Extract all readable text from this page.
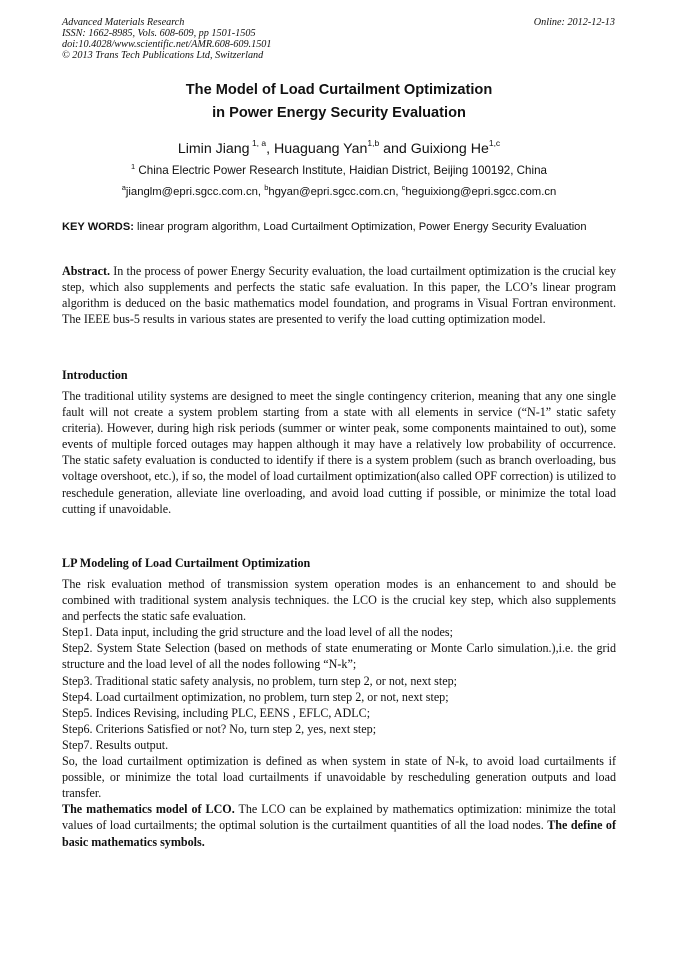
Advanced Materials Research
ISSN: 1662-8985, Vols. 608-609, pp 1501-1505
doi:10.4028/www.scientific.net/AMR.608-609.1501
© 2013 Trans Tech Publications Ltd, Switzerland
Online: 2012-12-13
The Model of Load Curtailment Optimization
in Power Energy Security Evaluation
Limin Jiang $^{1, a}$, Huaguang Yan$^{1,b}$ and Guixiong He$^{1,c}$
$^1$ China Electric Power Research Institute, Haidian District, Beijing 100192, China
$^a$jianglm@epri.sgcc.com.cn, $^b$hgyan@epri.sgcc.com.cn, $^c$heguixiong@epri.sgcc.com.cn
KEY WORDS: linear program algorithm, Load Curtailment Optimization, Power Energy Security Evaluation
Abstract. In the process of power Energy Security evaluation, the load curtailment optimization is the crucial key step, which also supplements and perfects the static safe evaluation. In this paper, the LCO’s linear program algorithm is deduced on the basic mathematics model foundation, and programs in Visual Fortran environment. The IEEE bus-5 results in various states are presented to verify the load cutting optimization model.
Introduction
The traditional utility systems are designed to meet the single contingency criterion, meaning that any one single fault will not create a system problem starting from a state with all elements in service (“N-1” static safety criteria). However, during high risk periods (summer or winter peak, some components maintained to out), some events of multiple forced outages may happen although it may have a relatively low probability of occurrence. The static safety evaluation is conducted to identify if there is a system problem (such as branch overloading, bus voltage overshoot, etc.), if so, the model of load curtailment optimization(also called OPF correction) is utilized to reschedule generation, alleviate line overloading, and avoid load cutting if possible, or minimize the total load cutting if unavoidable.
LP Modeling of Load Curtailment Optimization

The risk evaluation method of transmission system operation modes is an enhancement to and should be combined with traditional system analysis techniques. the LCO is the crucial key step, which also supplements and perfects the static safe evaluation.

Step1. Data input, including the grid structure and the load level of all the nodes;
Step2. System State Selection (based on methods of state enumerating or Monte Carlo simulation.),i.e. the grid structure and the load level of all the nodes following “N-k”;
Step3. Traditional static safety analysis, no problem, turn step 2, or not, next step;
Step4. Load curtailment optimization, no problem, turn step 2, or not, next step;
Step5. Indices Revising, including PLC, EENS , EFLC, ADLC;
Step6. Criterions Satisfied or not? No, turn step 2, yes, next step;
Step7. Results output.

So, the load curtailment optimization is defined as when system in state of N-k, to avoid load curtailments if possible, or minimize the total load curtailments if unavoidable by rescheduling generation outputs and load transfer.

The mathematics model of LCO. The LCO can be explained by mathematics optimization: minimize the total values of load curtailments; the optimal solution is the curtailment quantities of all the load nodes. The define of basic mathematics symbols.
